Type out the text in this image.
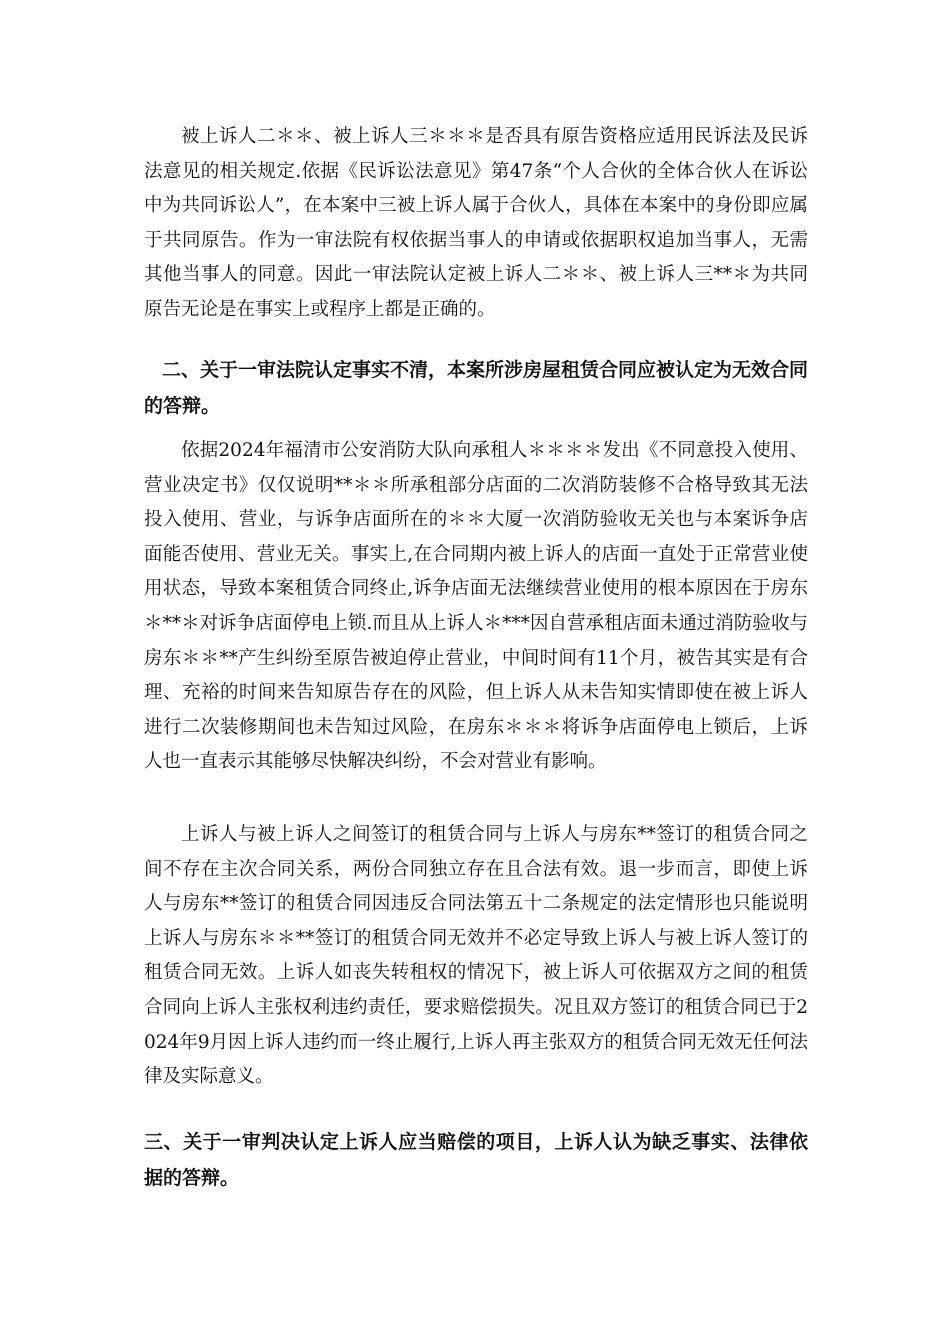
被上诉人二＊＊、被上诉人三＊＊＊是否具有原告资格应适用民诉法及民诉法意见的相关规定.依据《民诉讼法意见》第47条“个人合伙的全体合伙人在诉讼中为共同诉讼人”，在本案中三被上诉人属于合伙人，具体在本案中的身份即应属于共同原告。作为一审法院有权依据当事人的申请或依据职权追加当事人，无需其他当事人的同意。因此一审法院认定被上诉人二＊＊、被上诉人三**＊为共同原告无论是在事实上或程序上都是正确的。

二、关于一审法院认定事实不清，本案所涉房屋租赁合同应被认定为无效合同的答辩。

依据2024年福清市公安消防大队向承租人＊＊＊＊发出《不同意投入使用、营业决定书》仅仅说明**＊＊所承租部分店面的二次消防装修不合格导致其无法投入使用、营业，与诉争店面所在的＊＊大厦一次消防验收无关也与本案诉争店面能否使用、营业无关。事实上,在合同期内被上诉人的店面一直处于正常营业使用状态，导致本案租赁合同终止,诉争店面无法继续营业使用的根本原因在于房东＊**＊对诉争店面停电上锁.而且从上诉人＊***因自营承租店面未通过消防验收与房东＊＊**产生纠纷至原告被迫停止营业，中间时间有11个月，被告其实是有合理、充裕的时间来告知原告存在的风险，但上诉人从未告知实情即使在被上诉人进行二次装修期间也未告知过风险，在房东＊＊＊将诉争店面停电上锁后，上诉人也一直表示其能够尽快解决纠纷，不会对营业有影响。

上诉人与被上诉人之间签订的租赁合同与上诉人与房东**签订的租赁合同之间不存在主次合同关系，两份合同独立存在且合法有效。退一步而言，即使上诉人与房东**签订的租赁合同因违反合同法第五十二条规定的法定情形也只能说明上诉人与房东＊＊**签订的租赁合同无效并不必定导致上诉人与被上诉人签订的租赁合同无效。上诉人如丧失转租权的情况下，被上诉人可依据双方之间的租赁合同向上诉人主张权利违约责任，要求赔偿损失。况且双方签订的租赁合同已于2024年9月因上诉人违约而一终止履行,上诉人再主张双方的租赁合同无效无任何法律及实际意义。

三、关于一审判决认定上诉人应当赔偿的项目，上诉人认为缺乏事实、法律依据的答辩。
